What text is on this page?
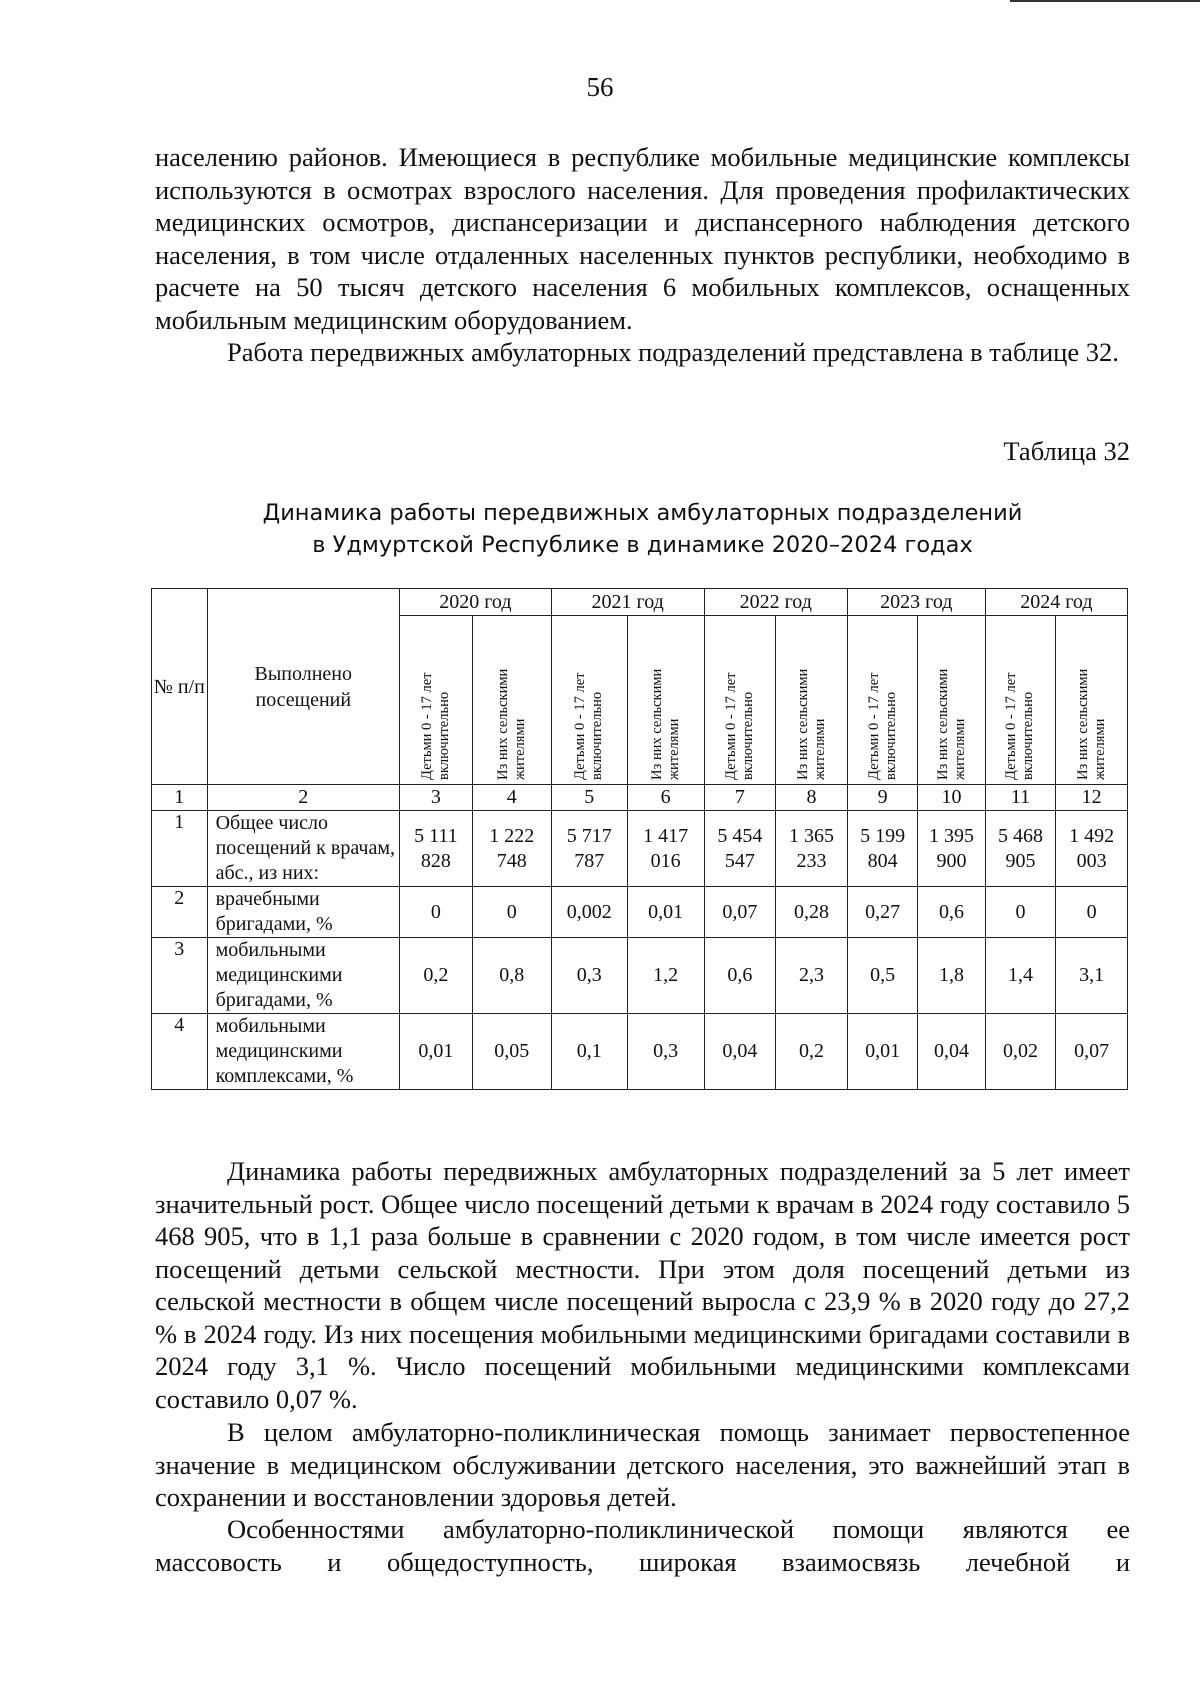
56

населению районов. Имеющиеся в республике мобильные медицинские комплексы используются в осмотрах взрослого населения. Для проведения профилактических медицинских осмотров, диспансеризации и диспансерного наблюдения детского населения, в том числе отдаленных населенных пунктов республики, необходимо в расчете на 50 тысяч детского населения 6 мобильных комплексов, оснащенных мобильным медицинским оборудованием.

Работа передвижных амбулаторных подразделений представлена в таблице 32.

Таблица 32
Динамика работы передвижных амбулаторных подразделений
в Удмуртской Республике в динамике 2020–2024 годах
№ п/п	Выполнено посещений	2020 год		2021 год		2022 год		2023 год		2024 год	

		Детьми 0 - 17 лет включительно	Из них сельскими жителями	Детьми 0 - 17 лет включительно	Из них сельскими жителями	Детьми 0 - 17 лет включительно	Из них сельскими жителями	Детьми 0 - 17 лет включительно	Из них сельскими жителями	Детьми 0 - 17 лет включительно	Из них сельскими жителями

1	2	3	4	5	6	7	8	9	10	11	12
1	Общее число посещений к врачам, абс., из них:	5 111 828	1 222 748	5 717 787	1 417 016	5 454 547	1 365 233	5 199 804	1 395 900	5 468 905	1 492 003
2	врачебными бригадами, %	0	0	0,002	0,01	0,07	0,28	0,27	0,6	0	0
3	мобильными медицинскими бригадами, %	0,2	0,8	0,3	1,2	0,6	2,3	0,5	1,8	1,4	3,1
4	мобильными медицинскими комплексами, %	0,01	0,05	0,1	0,3	0,04	0,2	0,01	0,04	0,02	0,07

Динамика работы передвижных амбулаторных подразделений за 5 лет имеет значительный рост. Общее число посещений детьми к врачам в 2024 году составило 5 468 905, что в 1,1 раза больше в сравнении с 2020 годом, в том числе имеется рост посещений детьми сельской местности. При этом доля посещений детьми из сельской местности в общем числе посещений выросла с 23,9 % в 2020 году до 27,2 % в 2024 году. Из них посещения мобильными медицинскими бригадами составили в 2024 году 3,1 %. Число посещений мобильными медицинскими комплексами составило 0,07 %.

В целом амбулаторно-поликлиническая помощь занимает первостепенное значение в медицинском обслуживании детского населения, это важнейший этап в сохранении и восстановлении здоровья детей.

Особенностями амбулаторно-поликлинической помощи являются ее массовость и общедоступность, широкая взаимосвязь лечебной и
